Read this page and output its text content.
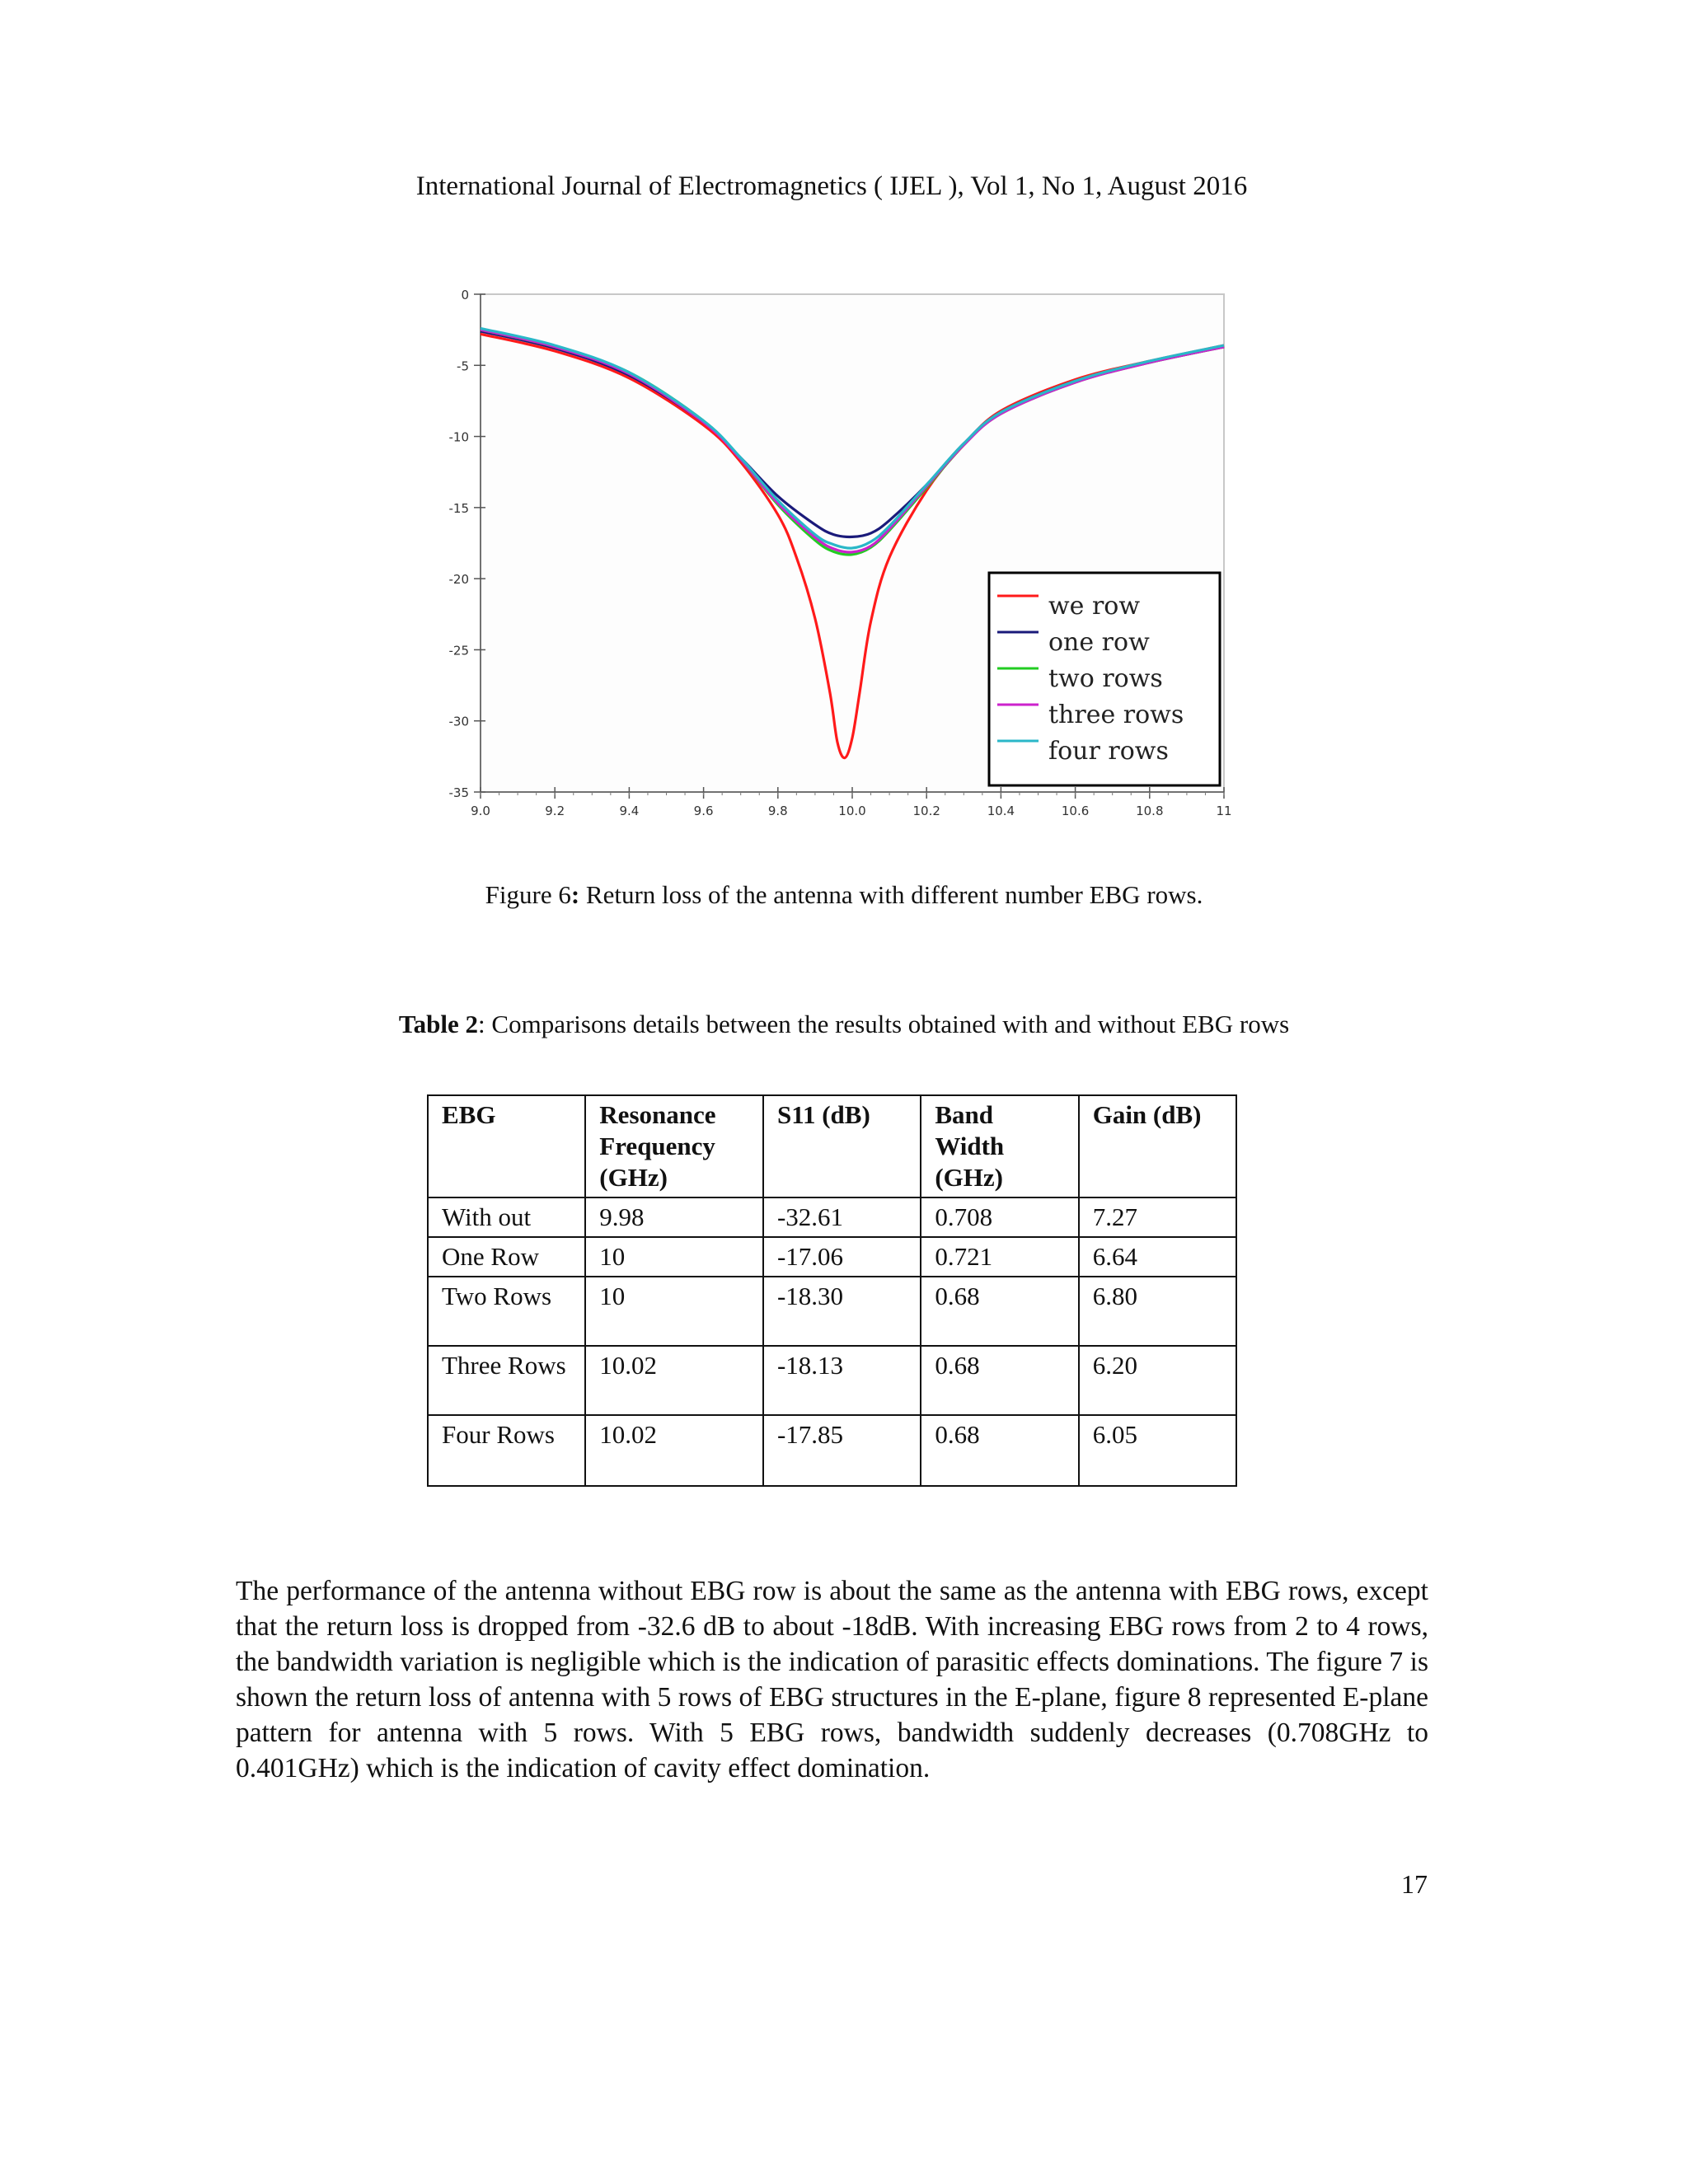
International Journal of Electromagnetics ( IJEL ), Vol 1, No 1, August 2016
0
-5
-10
-15
-20
-25
-30
-35
9.0	9.2	9.4	9.6	9.8	10.0	10.2	10.4	10.6	10.8	11
we row
one row
two rows
three rows
four rows
Figure 6: Return loss of the antenna with different number EBG rows.
Table 2: Comparisons details between the results obtained with and without EBG rows
EBG	Resonance Frequency (GHz)	S11 (dB)	Band Width (GHz)	Gain (dB)
With out	9.98	-32.61	0.708	7.27
One Row	10	-17.06	0.721	6.64
Two Rows	10	-18.30	0.68	6.80
Three Rows	10.02	-18.13	0.68	6.20
Four Rows	10.02	-17.85	0.68	6.05

The performance of the antenna without EBG row is about the same as the antenna with EBG rows, except that the return loss is dropped from -32.6 dB to about -18dB. With increasing EBG rows from 2 to 4 rows, the bandwidth variation is negligible which is the indication of parasitic effects dominations. The figure 7 is shown the return loss of antenna with 5 rows of EBG structures in the E-plane, figure 8 represented E-plane pattern for antenna with 5 rows. With 5 EBG rows, bandwidth suddenly decreases (0.708GHz to 0.401GHz) which is the indication of cavity effect domination.

17
